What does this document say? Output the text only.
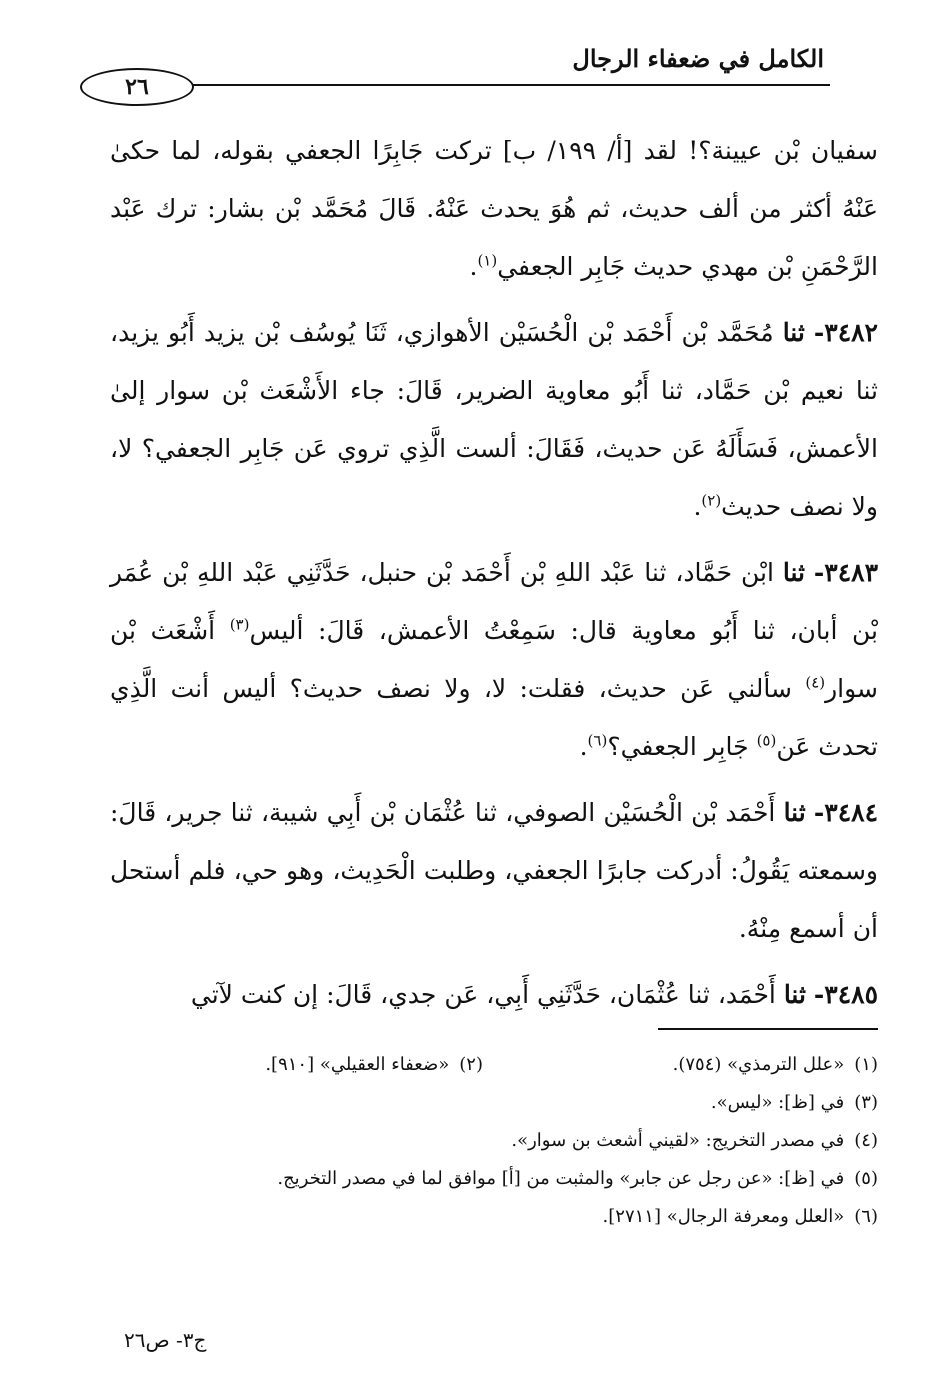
الكامل في ضعفاء الرجال
٢٦

سفيان بْن عيينة؟! لقد [أ/ ١٩٩/ ب] تركت جَابِرًا الجعفي بقوله، لما حكىٰ عَنْهُ أكثر من ألف حديث، ثم هُوَ يحدث عَنْهُ. قَالَ مُحَمَّد بْن بشار: ترك عَبْد الرَّحْمَنِ بْن مهدي حديث جَابِر الجعفي$^{(١)}$.

٣٤٨٢- ثنا مُحَمَّد بْن أَحْمَد بْن الْحُسَيْن الأهوازي، ثَنَا يُوسُف بْن يزيد أَبُو يزيد، ثنا نعيم بْن حَمَّاد، ثنا أَبُو معاوية الضرير، قَالَ: جاء الأَشْعَث بْن سوار إلىٰ الأعمش، فَسَأَلَهُ عَن حديث، فَقَالَ: ألست الَّذِي تروي عَن جَابِر الجعفي؟ لا، ولا نصف حديث$^{(٢)}$.

٣٤٨٣- ثنا ابْن حَمَّاد، ثنا عَبْد اللهِ بْن أَحْمَد بْن حنبل، حَدَّثَنِي عَبْد اللهِ بْن عُمَر بْن أبان، ثنا أَبُو معاوية قال: سَمِعْتُ الأعمش، قَالَ: أليس$^{(٣)}$ أَشْعَث بْن سوار$^{(٤)}$ سألني عَن حديث، فقلت: لا، ولا نصف حديث؟ أليس أنت الَّذِي تحدث عَن$^{(٥)}$ جَابِر الجعفي؟$^{(٦)}$.

٣٤٨٤- ثنا أَحْمَد بْن الْحُسَيْن الصوفي، ثنا عُثْمَان بْن أَبِي شيبة، ثنا جرير، قَالَ: وسمعته يَقُولُ: أدركت جابرًا الجعفي، وطلبت الْحَدِيث، وهو حي، فلم أستحل أن أسمع مِنْهُ.

٣٤٨٥- ثنا أَحْمَد، ثنا عُثْمَان، حَدَّثَنِي أَبِي، عَن جدي، قَالَ: إن كنت لآتي

(١)«علل الترمذي» (٧٥٤).
(٢)«ضعفاء العقيلي» [٩١٠].
(٣)في [ظ]: «ليس».
(٤)في مصدر التخريج: «لقيني أشعث بن سوار».
(٥)في [ظ]: «عن رجل عن جابر» والمثبت من [أ] موافق لما في مصدر التخريج.
(٦)«العلل ومعرفة الرجال» [٢٧١١].
ج٣- ص٢٦
